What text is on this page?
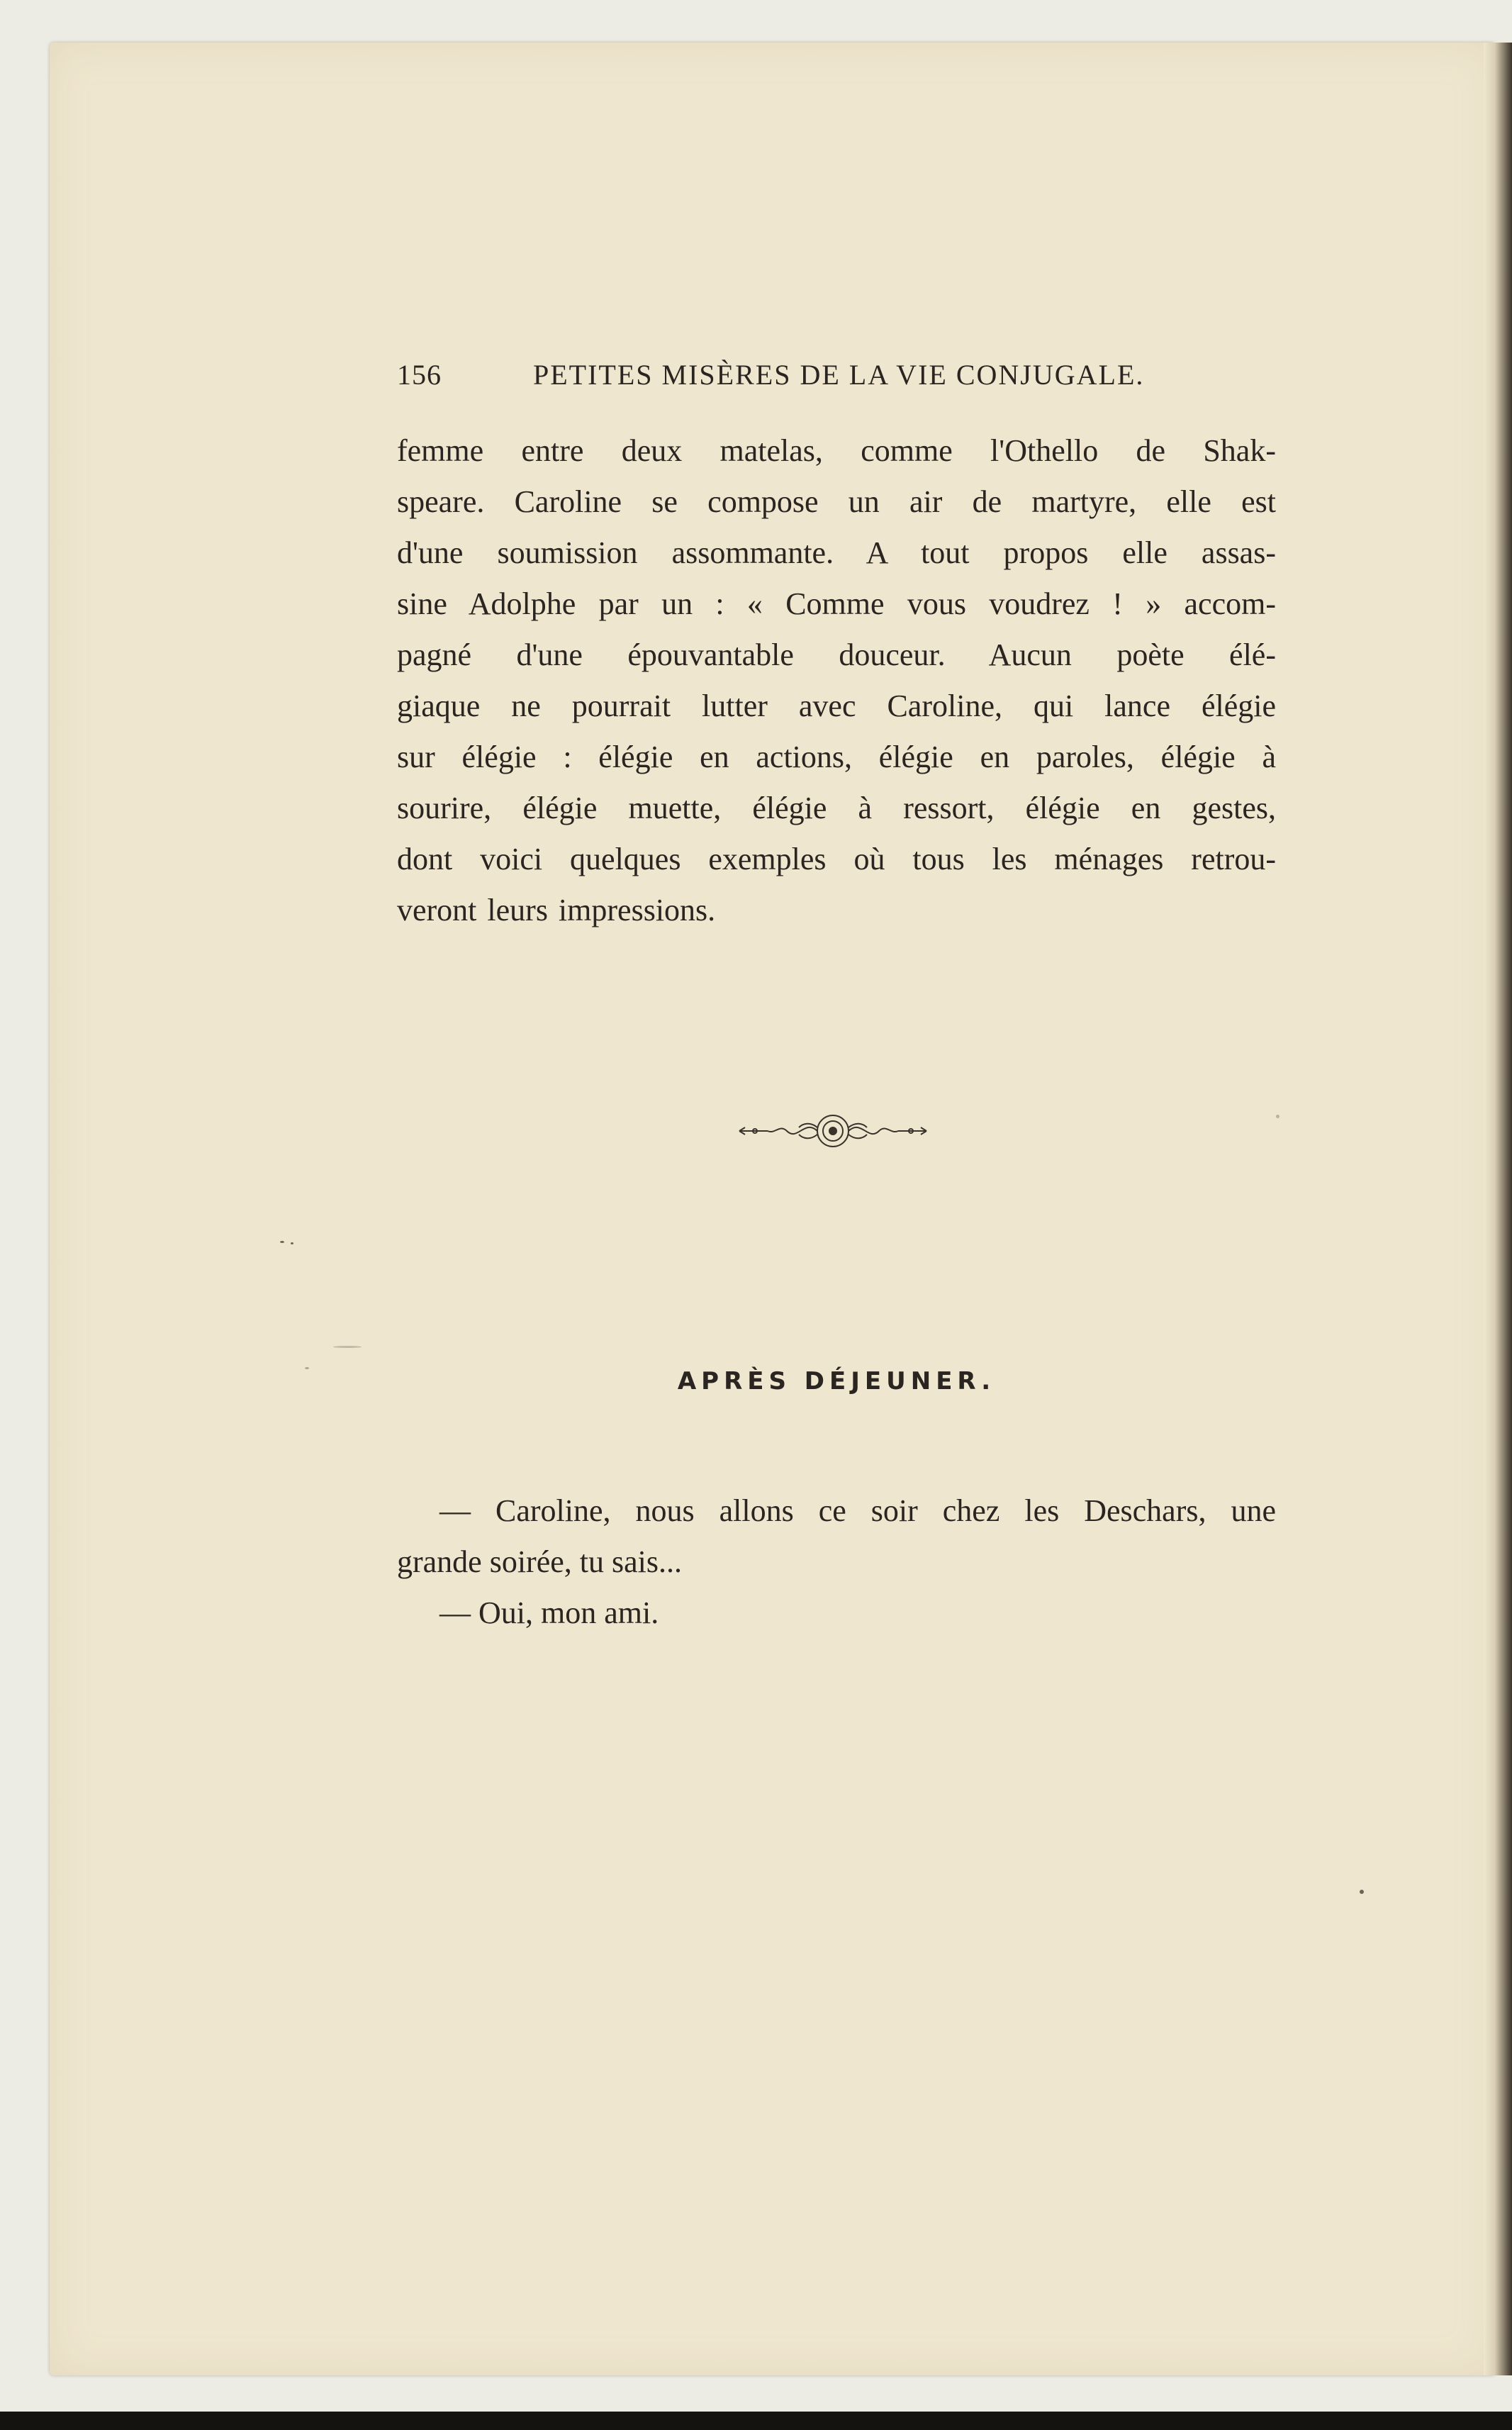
156	PETITES MISÈRES DE LA VIE CONJUGALE.
femme entre deux matelas, comme l'Othello de Shak-
speare. Caroline se compose un air de martyre, elle est
d'une soumission assommante. A tout propos elle assas-
sine Adolphe par un : « Comme vous voudrez ! » accom-
pagné d'une épouvantable douceur. Aucun poète élé-
giaque ne pourrait lutter avec Caroline, qui lance élégie
sur élégie : élégie en actions, élégie en paroles, élégie à
sourire, élégie muette, élégie à ressort, élégie en gestes,
dont voici quelques exemples où tous les ménages retrou-
veront leurs impressions.
APRÈS DÉJEUNER.
— Caroline, nous allons ce soir chez les Deschars, une
grande soirée, tu sais...
— Oui, mon ami.
